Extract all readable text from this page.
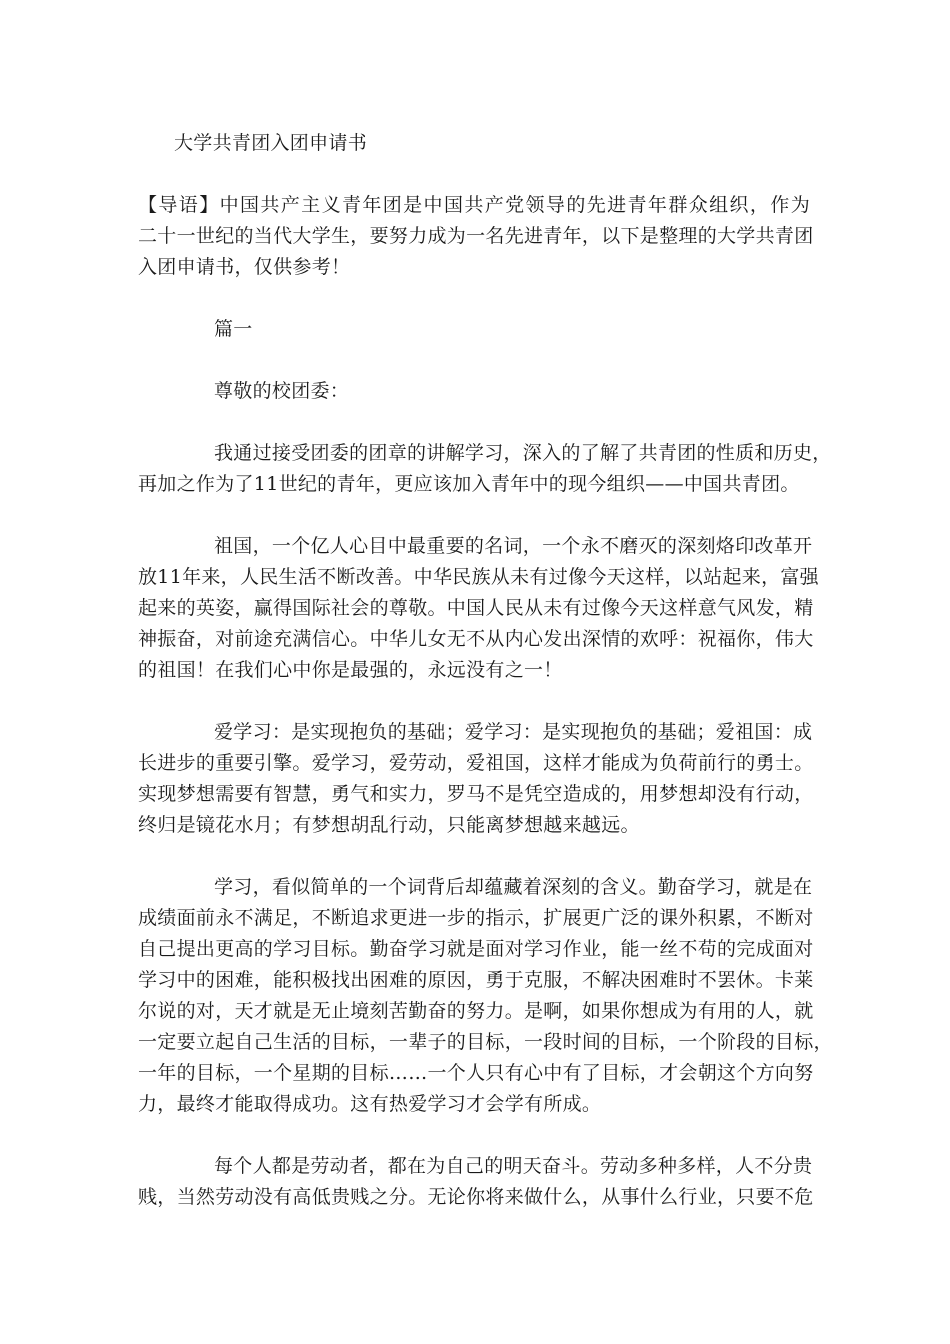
大学共青团入团申请书
【导语】中国共产主义青年团是中国共产党领导的先进青年群众组织，作为
二十一世纪的当代大学生，要努力成为一名先进青年，以下是整理的大学共青团
入团申请书，仅供参考！
篇一
尊敬的校团委：
我通过接受团委的团章的讲解学习，深入的了解了共青团的性质和历史，
再加之作为了11世纪的青年，更应该加入青年中的现今组织——中国共青团。
祖国，一个亿人心目中最重要的名词，一个永不磨灭的深刻烙印改革开
放11年来，人民生活不断改善。中华民族从未有过像今天这样，以站起来，富强
起来的英姿，赢得国际社会的尊敬。中国人民从未有过像今天这样意气风发，精
神振奋，对前途充满信心。中华儿女无不从内心发出深情的欢呼：祝福你，伟大
的祖国！在我们心中你是最强的，永远没有之一！
爱学习：是实现抱负的基础；爱学习：是实现抱负的基础；爱祖国：成
长进步的重要引擎。爱学习，爱劳动，爱祖国，这样才能成为负荷前行的勇士。
实现梦想需要有智慧，勇气和实力，罗马不是凭空造成的，用梦想却没有行动，
终归是镜花水月；有梦想胡乱行动，只能离梦想越来越远。
学习，看似简单的一个词背后却蕴藏着深刻的含义。勤奋学习，就是在
成绩面前永不满足，不断追求更进一步的指示，扩展更广泛的课外积累，不断对
自己提出更高的学习目标。勤奋学习就是面对学习作业，能一丝不苟的完成面对
学习中的困难，能积极找出困难的原因，勇于克服，不解决困难时不罢休。卡莱
尔说的对，天才就是无止境刻苦勤奋的努力。是啊，如果你想成为有用的人，就
一定要立起自己生活的目标，一辈子的目标，一段时间的目标，一个阶段的目标，
一年的目标，一个星期的目标……一个人只有心中有了目标，才会朝这个方向努
力，最终才能取得成功。这有热爱学习才会学有所成。
每个人都是劳动者，都在为自己的明天奋斗。劳动多种多样，人不分贵
贱，当然劳动没有高低贵贱之分。无论你将来做什么，从事什么行业，只要不危
